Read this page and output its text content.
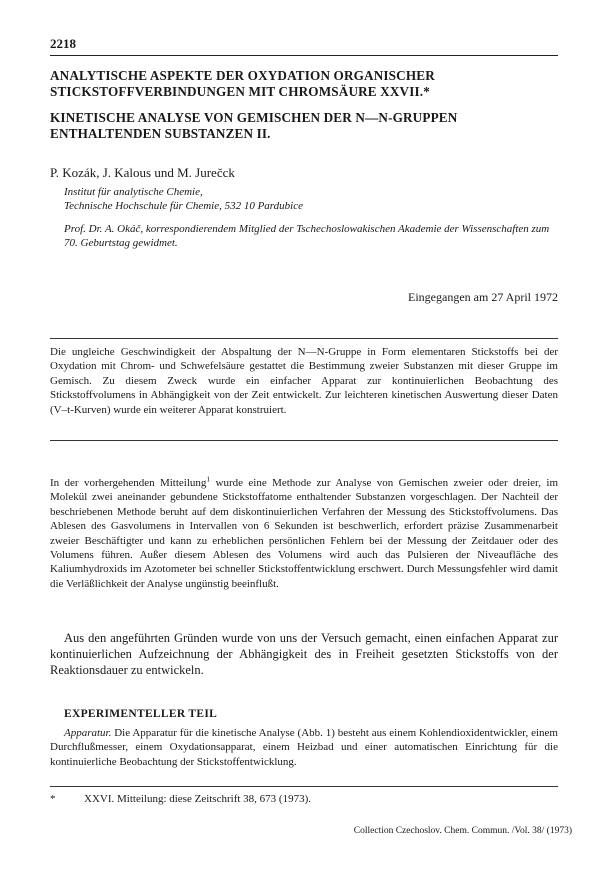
2218
ANALYTISCHE ASPEKTE DER OXYDATION ORGANISCHER STICKSTOFFVERBINDUNGEN MIT CHROMSÄURE XXVII.*
KINETISCHE ANALYSE VON GEMISCHEN DER N—N-GRUPPEN ENTHALTENDEN SUBSTANZEN II.
P. Kozák, J. Kalous und M. Jurečck
Institut für analytische Chemie,
Technische Hochschule für Chemie, 532 10 Pardubice
Prof. Dr. A. Okáč, korrespondierendem Mitglied der Tschechoslowakischen Akademie der Wissenschaften zum 70. Geburtstag gewidmet.
Eingegangen am 27 April 1972
Die ungleiche Geschwindigkeit der Abspaltung der N—N-Gruppe in Form elementaren Stickstoffs bei der Oxydation mit Chrom- und Schwefelsäure gestattet die Bestimmung zweier Substanzen mit dieser Gruppe im Gemisch. Zu diesem Zweck wurde ein einfacher Apparat zur kontinuierlichen Beobachtung des Stickstoffvolumens in Abhängigkeit von der Zeit entwickelt. Zur leichteren kinetischen Auswertung dieser Daten (V–t-Kurven) wurde ein weiterer Apparat konstruiert.
In der vorhergehenden Mitteilung$^1$ wurde eine Methode zur Analyse von Gemischen zweier oder dreier, im Molekül zwei aneinander gebundene Stickstoffatome enthaltender Substanzen vorgeschlagen. Der Nachteil der beschriebenen Methode beruht auf dem diskontinuierlichen Verfahren der Messung des Stickstoffvolumens. Das Ablesen des Gasvolumens in Intervallen von 6 Sekunden ist beschwerlich, erfordert präzise Zusammenarbeit zweier Beschäftigter und kann zu erheblichen persönlichen Fehlern bei der Messung der Zeitdauer oder des Volumens führen. Außer diesem Ablesen des Volumens wird auch das Pulsieren der Niveaufläche des Kaliumhydroxids im Azotometer bei schneller Stickstoffentwicklung erschwert. Durch Messungsfehler wird damit die Verläßlichkeit der Analyse ungünstig beeinflußt.
Aus den angeführten Gründen wurde von uns der Versuch gemacht, einen einfachen Apparat zur kontinuierlichen Aufzeichnung der Abhängigkeit des in Freiheit gesetzten Stickstoffs von der Reaktionsdauer zu entwickeln.
EXPERIMENTELLER TEIL
Apparatur. Die Apparatur für die kinetische Analyse (Abb. 1) besteht aus einem Kohlendioxidentwickler, einem Durchflußmesser, einem Oxydationsapparat, einem Heizbad und einer automatischen Einrichtung für die kontinuierliche Beobachtung der Stickstoffentwicklung.
*	XXVI. Mitteilung: diese Zeitschrift 38, 673 (1973).
Collection Czechoslov. Chem. Commun. /Vol. 38/ (1973)
